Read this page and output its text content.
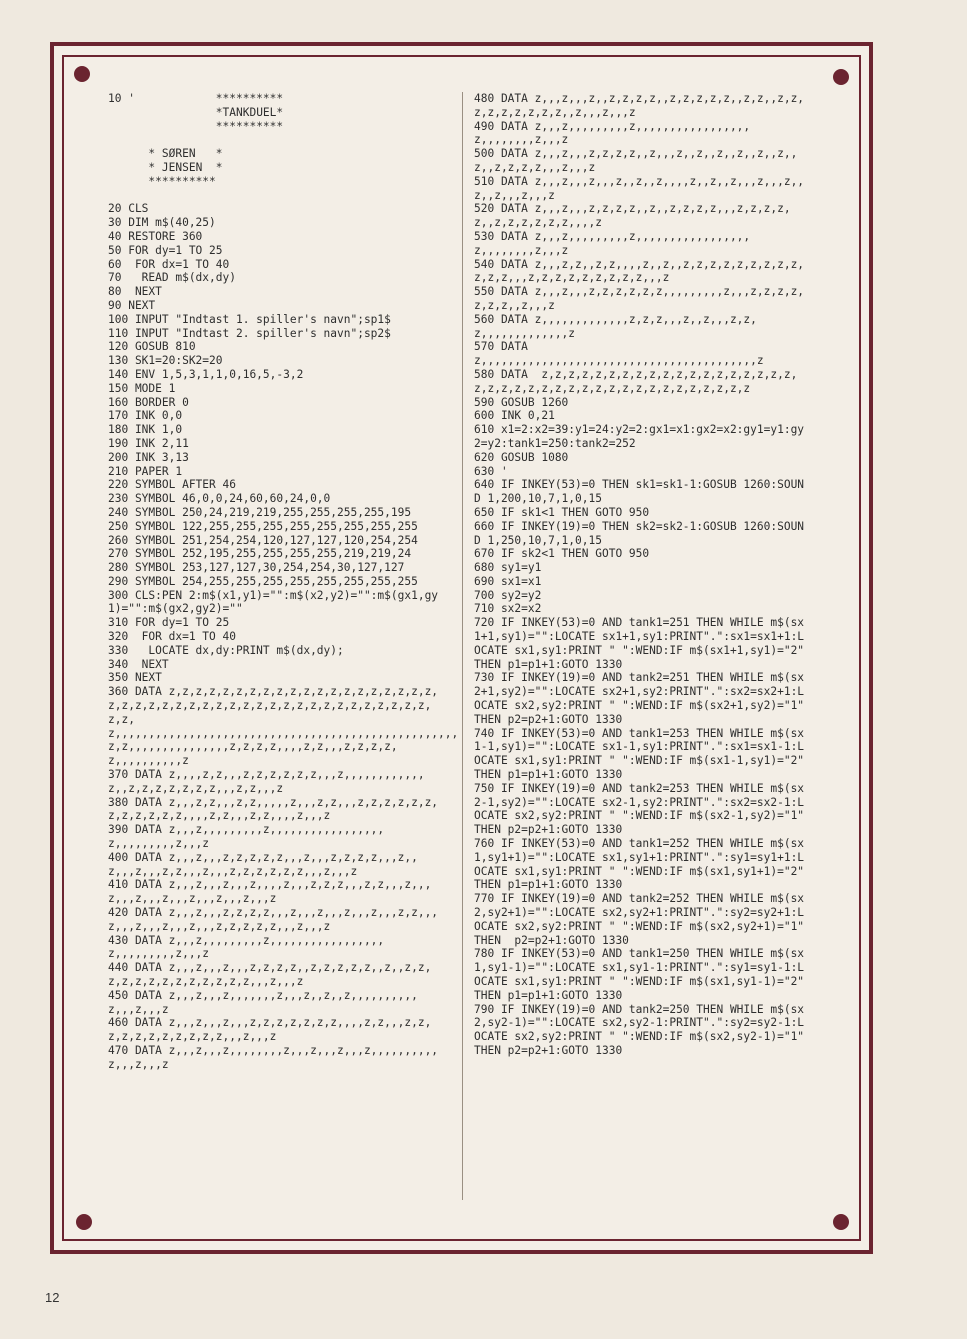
10 '            **********
*TANKDUEL*
**********

* SØREN   *
* JENSEN  *
**********

20 CLS
30 DIM m$(40,25)
40 RESTORE 360
50 FOR dy=1 TO 25
60  FOR dx=1 TO 40
70   READ m$(dx,dy)
80  NEXT
90 NEXT
100 INPUT "Indtast 1. spiller's navn";sp1$
110 INPUT "Indtast 2. spiller's navn";sp2$
120 GOSUB 810
130 SK1=20:SK2=20
140 ENV 1,5,3,1,1,0,16,5,-3,2
150 MODE 1
160 BORDER 0
170 INK 0,0
180 INK 1,0
190 INK 2,11
200 INK 3,13
210 PAPER 1
220 SYMBOL AFTER 46
230 SYMBOL 46,0,0,24,60,60,24,0,0
240 SYMBOL 250,24,219,219,255,255,255,255,195
250 SYMBOL 122,255,255,255,255,255,255,255,255
260 SYMBOL 251,254,254,120,127,127,120,254,254
270 SYMBOL 252,195,255,255,255,255,219,219,24
280 SYMBOL 253,127,127,30,254,254,30,127,127
290 SYMBOL 254,255,255,255,255,255,255,255,255
300 CLS:PEN 2:m$(x1,y1)="":m$(x2,y2)="":m$(gx1,gy1)="":m$(gx2,gy2)=""
310 FOR dy=1 TO 25
320  FOR dx=1 TO 40
330   LOCATE dx,dy:PRINT m$(dx,dy);
340  NEXT
350 NEXT
360 DATA z,z,z,z,z,z,z,z,z,z,z,z,z,z,z,z,z,z,z,z,z,z,z,z,z,z,z,z,z,z,z,z,z,z,z,z,z,z,z,z,z,z,z,z,z,z,z,,,,,,,,,,,,,,,,,,,,,,,,,,,,,,,,,,,,,,,,,,,,,,,,,,,z,z,,,,,,,,,,,,,,,z,z,z,z,,,,z,z,,,z,z,z,z,z,,,,,,,,,,z
370 DATA z,,,,z,z,,,z,z,z,z,z,z,,,z,,,,,,,,,,,,z,,z,z,z,z,z,z,z,,,z,z,,,z
380 DATA z,,,z,z,,,z,z,,,,,z,,,z,z,,,z,z,z,z,z,z,z,z,z,z,z,z,,,,z,z,,,z,z,,,,z,,,z
390 DATA z,,,z,,,,,,,,,z,,,,,,,,,,,,,,,,,z,,,,,,,,,z,,,z
400 DATA z,,,z,,,z,z,z,z,z,,,z,,,z,z,z,z,,,z,,z,,,z,,,z,z,,,z,,,z,z,z,z,z,z,,,z,,,z
410 DATA z,,,z,,,z,,,z,,,,z,,,z,z,z,,,z,z,,,z,,,z,,,z,,,z,,,z,,,z,,,z,,,z
420 DATA z,,,z,,,z,z,z,z,,,z,,,z,,,z,,,z,,,z,z,,,z,,,z,,,z,,,z,,,z,z,z,z,z,,,z,,,z
430 DATA z,,,z,,,,,,,,,z,,,,,,,,,,,,,,,,,z,,,,,,,,,z,,,z
440 DATA z,,,z,,,z,,,z,z,z,z,,z,z,z,z,z,,z,,z,z,z,z,z,z,z,z,z,z,z,z,z,,,z,,,z
450 DATA z,,,z,,,z,,,,,,,z,,,z,,z,,z,,,,,,,,,,z,,,z,,,z
460 DATA z,,,z,,,z,,,z,z,z,z,z,z,z,,,,z,z,,,z,z,z,z,z,z,z,z,z,z,z,,,z,,,z
470 DATA z,,,z,,,z,,,,,,,,z,,,z,,,z,,,z,,,,,,,,,,z,,,z,,,z
480 DATA z,,,z,,,z,,z,z,z,z,,z,z,z,z,z,,z,z,,z,z,z,z,z,z,z,z,z,,z,,,z,,,z
490 DATA z,,,z,,,,,,,,,z,,,,,,,,,,,,,,,,,z,,,,,,,,z,,,z
500 DATA z,,,z,,,z,z,z,z,,z,,,z,,z,,z,,z,,z,,z,,z,,z,z,z,z,,,z,,,z
510 DATA z,,,z,,,z,,,z,,z,,z,,,,z,,z,,z,,,z,,,z,,z,,z,,,z,,,z
520 DATA z,,,z,,,z,z,z,z,,z,,z,z,z,z,,,z,z,z,z,z,,z,z,z,z,z,z,,,,z
530 DATA z,,,z,,,,,,,,,z,,,,,,,,,,,,,,,,,z,,,,,,,,z,,,z
540 DATA z,,,z,z,,z,z,,,,z,,z,,z,z,z,z,z,z,z,z,z,z,z,z,,,z,z,z,z,z,z,z,z,z,,,z
550 DATA z,,,z,,,z,z,z,z,z,z,,,,,,,,,z,,,z,z,z,z,z,z,z,,z,,,z
560 DATA z,,,,,,,,,,,,,z,z,z,,,z,,z,,,z,z,z,,,,,,,,,,,,,z
570 DATA z,,,,,,,,,,,,,,,,,,,,,,,,,,,,,,,,,,,,,,,,,z
580 DATA  z,z,z,z,z,z,z,z,z,z,z,z,z,z,z,z,z,z,z,z,z,z,z,z,z,z,z,z,z,z,z,z,z,z,z,z,z,z,z,z
590 GOSUB 1260
600 INK 0,21
610 x1=2:x2=39:y1=24:y2=2:gx1=x1:gx2=x2:gy1=y1:gy2=y2:tank1=250:tank2=252
620 GOSUB 1080
630 '
640 IF INKEY(53)=0 THEN sk1=sk1-1:GOSUB 1260:SOUND 1,200,10,7,1,0,15
650 IF sk1<1 THEN GOTO 950
660 IF INKEY(19)=0 THEN sk2=sk2-1:GOSUB 1260:SOUND 1,250,10,7,1,0,15
670 IF sk2<1 THEN GOTO 950
680 sy1=y1
690 sx1=x1
700 sy2=y2
710 sx2=x2
720 IF INKEY(53)=0 AND tank1=251 THEN WHILE m$(sx1+1,sy1)="":LOCATE sx1+1,sy1:PRINT".":sx1=sx1+1:LOCATE sx1,sy1:PRINT " ":WEND:IF m$(sx1+1,sy1)="2" THEN p1=p1+1:GOTO 1330
730 IF INKEY(19)=0 AND tank2=251 THEN WHILE m$(sx2+1,sy2)="":LOCATE sx2+1,sy2:PRINT".":sx2=sx2+1:LOCATE sx2,sy2:PRINT " ":WEND:IF m$(sx2+1,sy2)="1" THEN p2=p2+1:GOTO 1330
740 IF INKEY(53)=0 AND tank1=253 THEN WHILE m$(sx1-1,sy1)="":LOCATE sx1-1,sy1:PRINT".":sx1=sx1-1:LOCATE sx1,sy1:PRINT " ":WEND:IF m$(sx1-1,sy1)="2" THEN p1=p1+1:GOTO 1330
750 IF INKEY(19)=0 AND tank2=253 THEN WHILE m$(sx2-1,sy2)="":LOCATE sx2-1,sy2:PRINT".":sx2=sx2-1:LOCATE sx2,sy2:PRINT " ":WEND:IF m$(sx2-1,sy2)="1" THEN p2=p2+1:GOTO 1330
760 IF INKEY(53)=0 AND tank1=252 THEN WHILE m$(sx1,sy1+1)="":LOCATE sx1,sy1+1:PRINT".":sy1=sy1+1:LOCATE sx1,sy1:PRINT " ":WEND:IF m$(sx1,sy1+1)="2" THEN p1=p1+1:GOTO 1330
770 IF INKEY(19)=0 AND tank2=252 THEN WHILE m$(sx2,sy2+1)="":LOCATE sx2,sy2+1:PRINT".":sy2=sy2+1:LOCATE sx2,sy2:PRINT " ":WEND:IF m$(sx2,sy2+1)="1" THEN  p2=p2+1:GOTO 1330
780 IF INKEY(53)=0 AND tank1=250 THEN WHILE m$(sx1,sy1-1)="":LOCATE sx1,sy1-1:PRINT".":sy1=sy1-1:LOCATE sx1,sy1:PRINT " ":WEND:IF m$(sx1,sy1-1)="2" THEN p1=p1+1:GOTO 1330
790 IF INKEY(19)=0 AND tank2=250 THEN WHILE m$(sx2,sy2-1)="":LOCATE sx2,sy2-1:PRINT".":sy2=sy2-1:LOCATE sx2,sy2:PRINT " ":WEND:IF m$(sx2,sy2-1)="1" THEN p2=p2+1:GOTO 1330
12
